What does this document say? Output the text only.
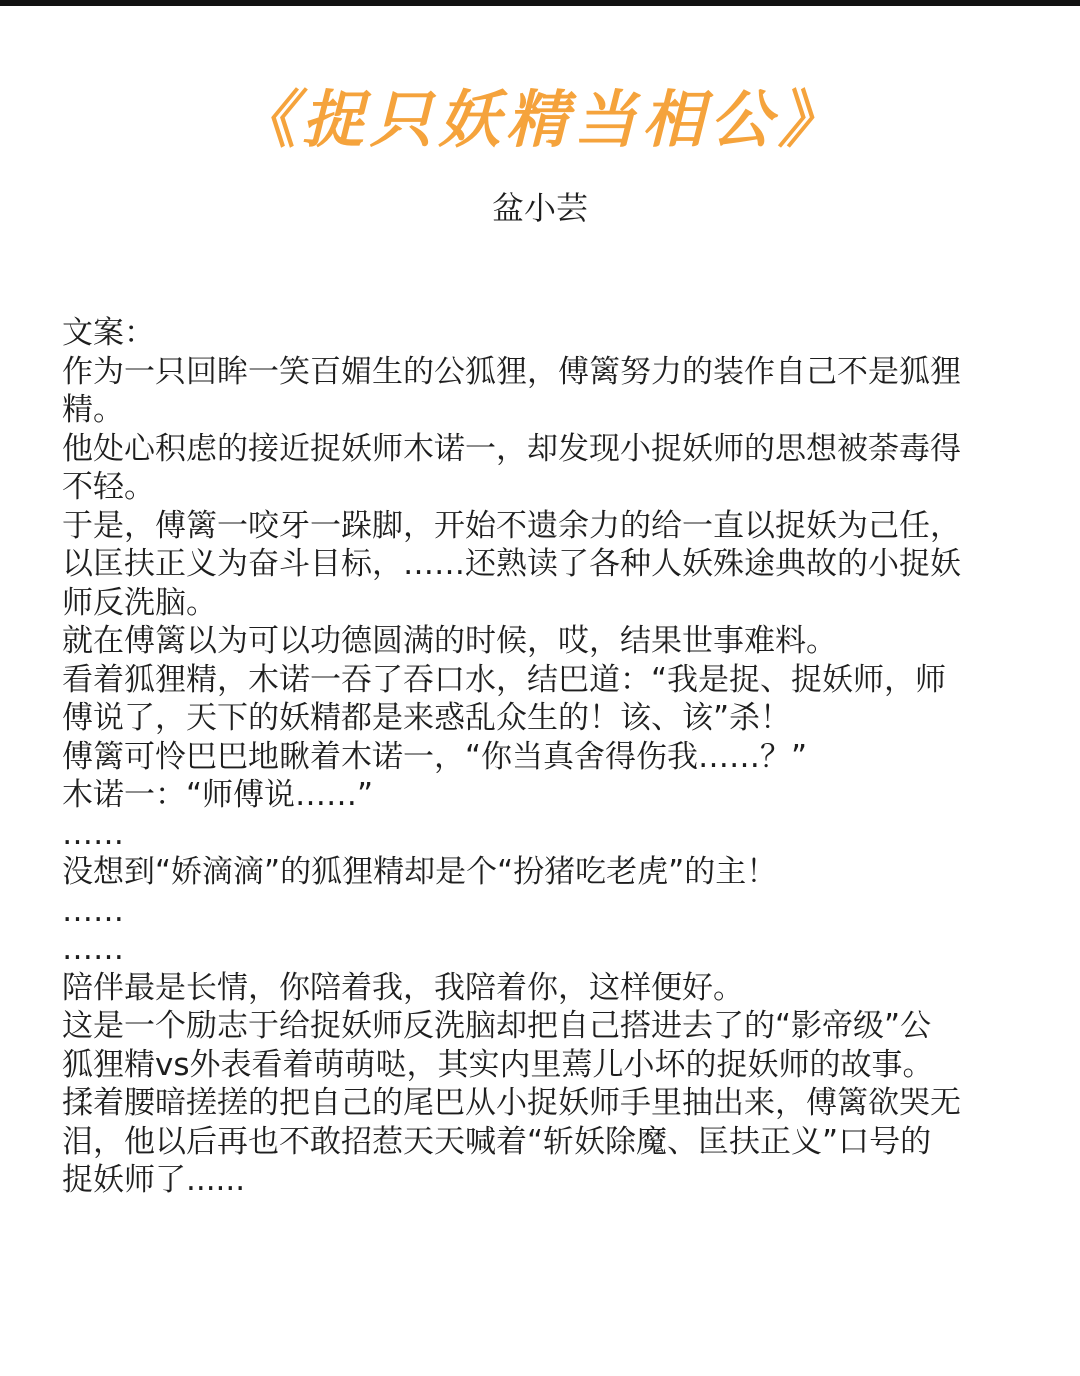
《捉只妖精当相公》
盆小芸
文案：
作为一只回眸一笑百媚生的公狐狸，傅篱努力的装作自己不是狐狸
精。
他处心积虑的接近捉妖师木诺一，却发现小捉妖师的思想被荼毒得
不轻。
于是，傅篱一咬牙一跺脚，开始不遗余力的给一直以捉妖为己任，
以匡扶正义为奋斗目标，……还熟读了各种人妖殊途典故的小捉妖
师反洗脑。
就在傅篱以为可以功德圆满的时候，哎，结果世事难料。
看着狐狸精，木诺一吞了吞口水，结巴道：“我是捉、捉妖师，师
傅说了，天下的妖精都是来惑乱众生的！该、该”杀！
傅篱可怜巴巴地瞅着木诺一，“你当真舍得伤我……？”
木诺一：“师傅说……”
……
没想到“娇滴滴”的狐狸精却是个“扮猪吃老虎”的主！
……
……
陪伴最是长情，你陪着我，我陪着你，这样便好。
这是一个励志于给捉妖师反洗脑却把自己搭进去了的“影帝级”公
狐狸精vs外表看着萌萌哒，其实内里蔫儿小坏的捉妖师的故事。
揉着腰暗搓搓的把自己的尾巴从小捉妖师手里抽出来，傅篱欲哭无
泪，他以后再也不敢招惹天天喊着“斩妖除魔、匡扶正义”口号的
捉妖师了......
